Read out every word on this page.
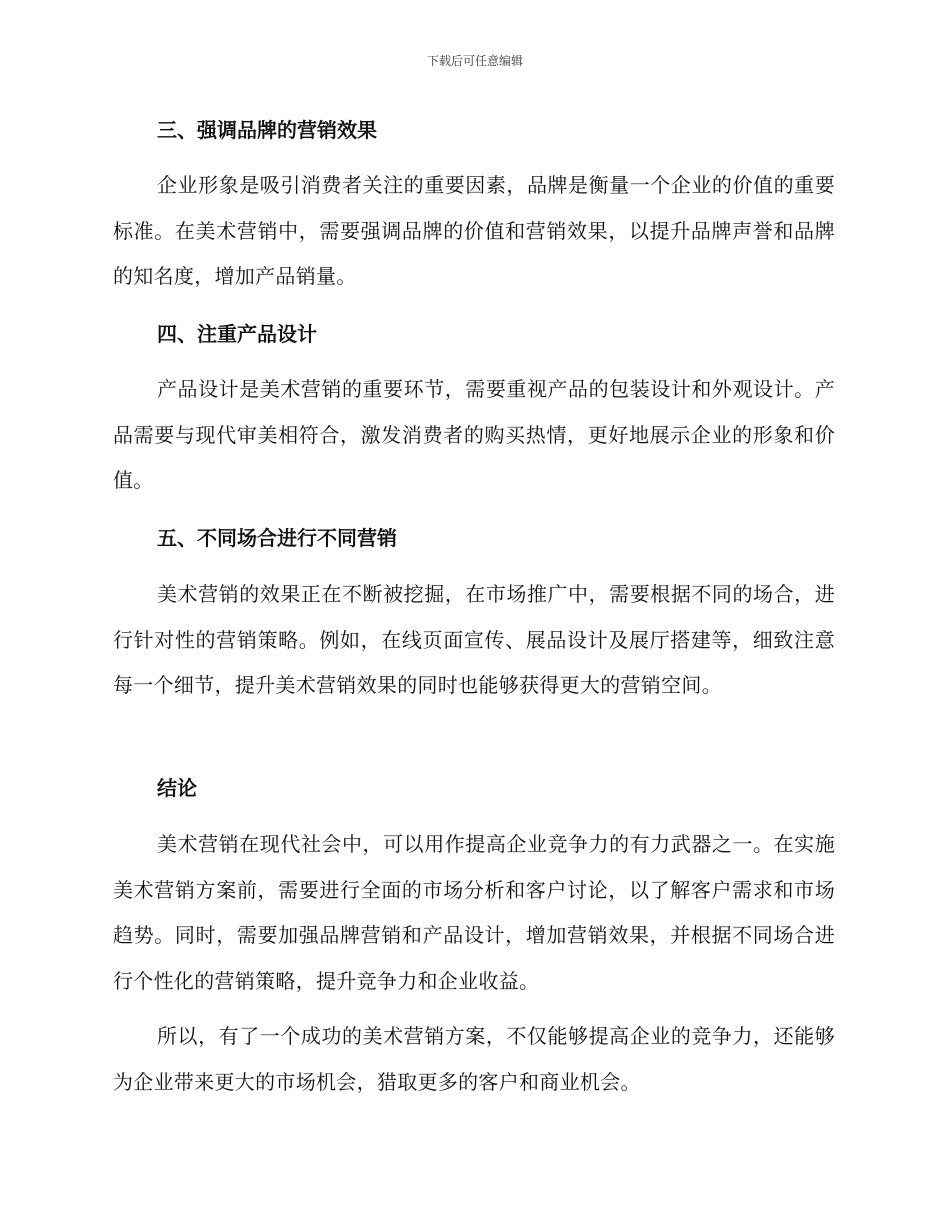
下载后可任意编辑
三、强调品牌的营销效果
企业形象是吸引消费者关注的重要因素，品牌是衡量一个企业的价值的重要标准。在美术营销中，需要强调品牌的价值和营销效果，以提升品牌声誉和品牌的知名度，增加产品销量。
四、注重产品设计
产品设计是美术营销的重要环节，需要重视产品的包装设计和外观设计。产品需要与现代审美相符合，激发消费者的购买热情，更好地展示企业的形象和价值。
五、不同场合进行不同营销
美术营销的效果正在不断被挖掘，在市场推广中，需要根据不同的场合，进行针对性的营销策略。例如，在线页面宣传、展品设计及展厅搭建等，细致注意每一个细节，提升美术营销效果的同时也能够获得更大的营销空间。
结论
美术营销在现代社会中，可以用作提高企业竞争力的有力武器之一。在实施美术营销方案前，需要进行全面的市场分析和客户讨论，以了解客户需求和市场趋势。同时，需要加强品牌营销和产品设计，增加营销效果，并根据不同场合进行个性化的营销策略，提升竞争力和企业收益。
所以，有了一个成功的美术营销方案，不仅能够提高企业的竞争力，还能够为企业带来更大的市场机会，猎取更多的客户和商业机会。
